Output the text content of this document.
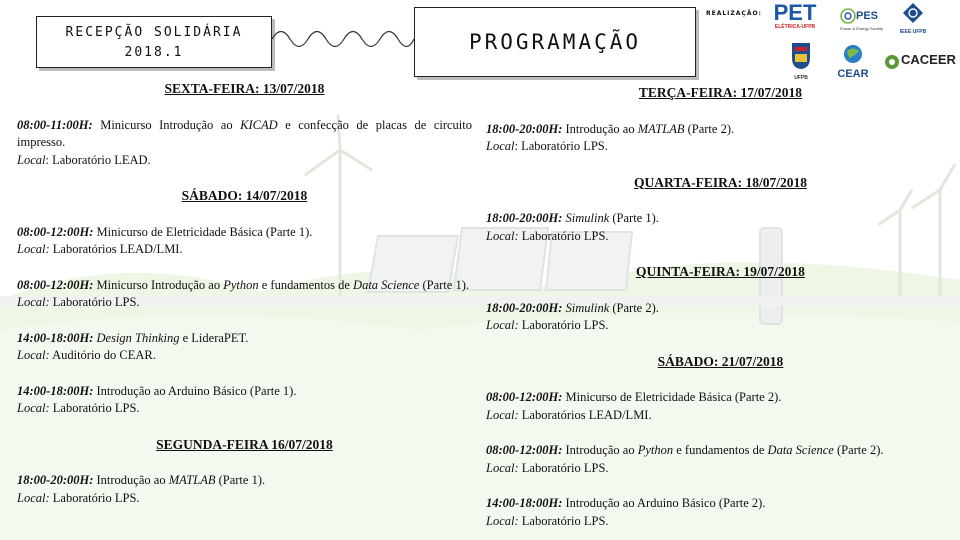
RECEPÇÃO SOLIDÁRIA
2018.1	PROGRAMAÇÃO
REALIZAÇÃO: PET
ELÉTRICA-UFPB
PES
Power & Energy Society
IEEE UFPB
UFPB	CEAR
CACEER
SEXTA-FEIRA: 13/07/2018
08:00-11:00H: Minicurso Introdução ao KICAD e confecção de placas de circuito impresso.
Local: Laboratório LEAD.
SÁBADO: 14/07/2018
08:00-12:00H: Minicurso de Eletricidade Básica (Parte 1).
Local: Laboratórios LEAD/LMI.
08:00-12:00H: Minicurso Introdução ao Python e fundamentos de Data Science (Parte 1).
Local: Laboratório LPS.
14:00-18:00H: Design Thinking e LideraPET.
Local: Auditório do CEAR.
14:00-18:00H: Introdução ao Arduino Básico (Parte 1).
Local: Laboratório LPS.
SEGUNDA-FEIRA 16/07/2018
18:00-20:00H: Introdução ao MATLAB (Parte 1).
Local: Laboratório LPS.
TERÇA-FEIRA: 17/07/2018
18:00-20:00H: Introdução ao MATLAB (Parte 2).
Local: Laboratório LPS.
QUARTA-FEIRA: 18/07/2018
18:00-20:00H: Simulink (Parte 1).
Local: Laboratório LPS.
QUINTA-FEIRA: 19/07/2018
18:00-20:00H: Simulink (Parte 2).
Local: Laboratório LPS.
SÁBADO: 21/07/2018
08:00-12:00H: Minicurso de Eletricidade Básica (Parte 2).
Local: Laboratórios LEAD/LMI.
08:00-12:00H: Introdução ao Python e fundamentos de Data Science (Parte 2).
Local: Laboratório LPS.
14:00-18:00H: Introdução ao Arduino Básico (Parte 2).
Local: Laboratório LPS.
